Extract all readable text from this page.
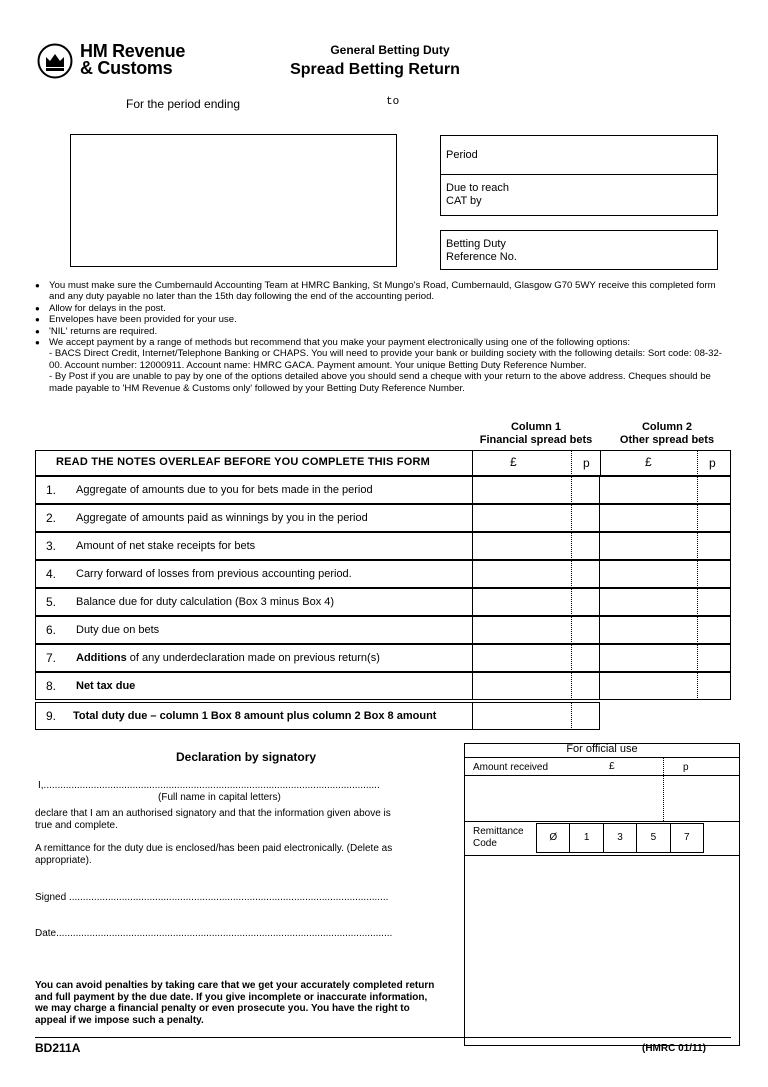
HM Revenue
& Customs
General Betting Duty
Spread Betting Return
For the period ending	to
Period
Due to reach
CAT by
Betting Duty
Reference No.
● You must make sure the Cumbernauld Accounting Team at HMRC Banking, St Mungo's Road, Cumbernauld, Glasgow G70 5WY receive this completed form and any duty payable no later than the 15th day following the end of the accounting period.
● Allow for delays in the post.
● Envelopes have been provided for your use.
● 'NIL' returns are required.
● We accept payment by a range of methods but recommend that you make your payment electronically using one of the following options:
- BACS Direct Credit, Internet/Telephone Banking or CHAPS. You will need to provide your bank or building society with the following details: Sort code: 08-32-00. Account number: 12000911. Account name: HMRC GACA. Payment amount. Your unique Betting Duty Reference Number.
- By Post if you are unable to pay by one of the options detailed above you should send a cheque with your return to the above address. Cheques should be made payable to 'HM Revenue & Customs only' followed by your Betting Duty Reference Number.
Column 1
Financial spread bets
Column 2
Other spread bets
READ THE NOTES OVERLEAF BEFORE YOU COMPLETE THIS FORM	£	p	£	p
1. Aggregate of amounts due to you for bets made in the period
2. Aggregate of amounts paid as winnings by you in the period
3. Amount of net stake receipts for bets
4. Carry forward of losses from previous accounting period.
5. Balance due for duty calculation (Box 3 minus Box 4)
6. Duty due on bets
7. Additions of any underdeclaration made on previous return(s)
8. Net tax due
9. Total duty due – column 1 Box 8 amount plus column 2 Box 8 amount
Declaration by signatory
I,.........................................................................................................................
(Full name in capital letters)
declare that I am an authorised signatory and that the information given above is true and complete.
A remittance for the duty due is enclosed/has been paid electronically. (Delete as appropriate).
Signed ...................................................................................................................
Date.........................................................................................................................
You can avoid penalties by taking care that we get your accurately completed return and full payment by the due date. If you give incomplete or inaccurate information, we may charge a financial penalty or even prosecute you. You have the right to appeal if we impose such a penalty.
For official use
Amount received	£	p
Remittance
Code
Ø	1	3	5	7
BD211A	(HMRC 01/11)
